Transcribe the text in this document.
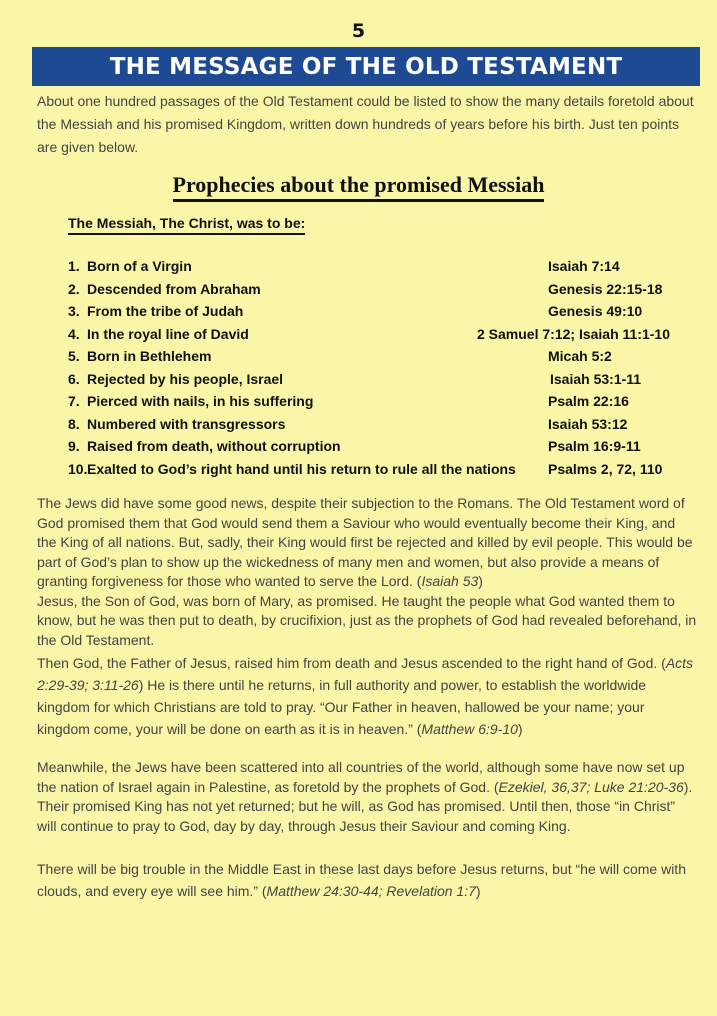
5
THE MESSAGE OF THE OLD TESTAMENT

About one hundred passages of the Old Testament could be listed to show the many details foretold about the Messiah and his promised Kingdom, written down hundreds of years before his birth. Just ten points are given below.

Prophecies about the promised Messiah
The Messiah, The Christ, was to be:
1. Born of a Virgin	Isaiah 7:14
2. Descended from Abraham	Genesis 22:15-18
3. From the tribe of Judah	Genesis 49:10
4. In the royal line of David	2 Samuel 7:12; Isaiah 11:1-10
5. Born in Bethlehem	Micah 5:2
6. Rejected by his people, Israel	Isaiah 53:1-11
7. Pierced with nails, in his suffering	Psalm 22:16
8. Numbered with transgressors	Isaiah 53:12
9. Raised from death, without corruption	Psalm 16:9-11
10. Exalted to God’s right hand until his return to rule all the nations Psalms 2, 72, 110

The Jews did have some good news, despite their subjection to the Romans. The Old Testament word of God promised them that God would send them a Saviour who would eventually become their King, and the King of all nations. But, sadly, their King would first be rejected and killed by evil people. This would be part of God’s plan to show up the wickedness of many men and women, but also provide a means of granting forgiveness for those who wanted to serve the Lord. (Isaiah 53)
Jesus, the Son of God, was born of Mary, as promised. He taught the people what God wanted them to know, but he was then put to death, by crucifixion, just as the prophets of God had revealed beforehand, in the Old Testament.

Then God, the Father of Jesus, raised him from death and Jesus ascended to the right hand of God. (Acts 2:29-39; 3:11-26) He is there until he returns, in full authority and power, to establish the worldwide kingdom for which Christians are told to pray. “Our Father in heaven, hallowed be your name; your kingdom come, your will be done on earth as it is in heaven.” (Matthew 6:9-10)

Meanwhile, the Jews have been scattered into all countries of the world, although some have now set up the nation of Israel again in Palestine, as foretold by the prophets of God. (Ezekiel, 36,37; Luke 21:20-36). Their promised King has not yet returned; but he will, as God has promised. Until then, those “in Christ” will continue to pray to God, day by day, through Jesus their Saviour and coming King.

There will be big trouble in the Middle East in these last days before Jesus returns, but “he will come with clouds, and every eye will see him.” (Matthew 24:30-44; Revelation 1:7)
